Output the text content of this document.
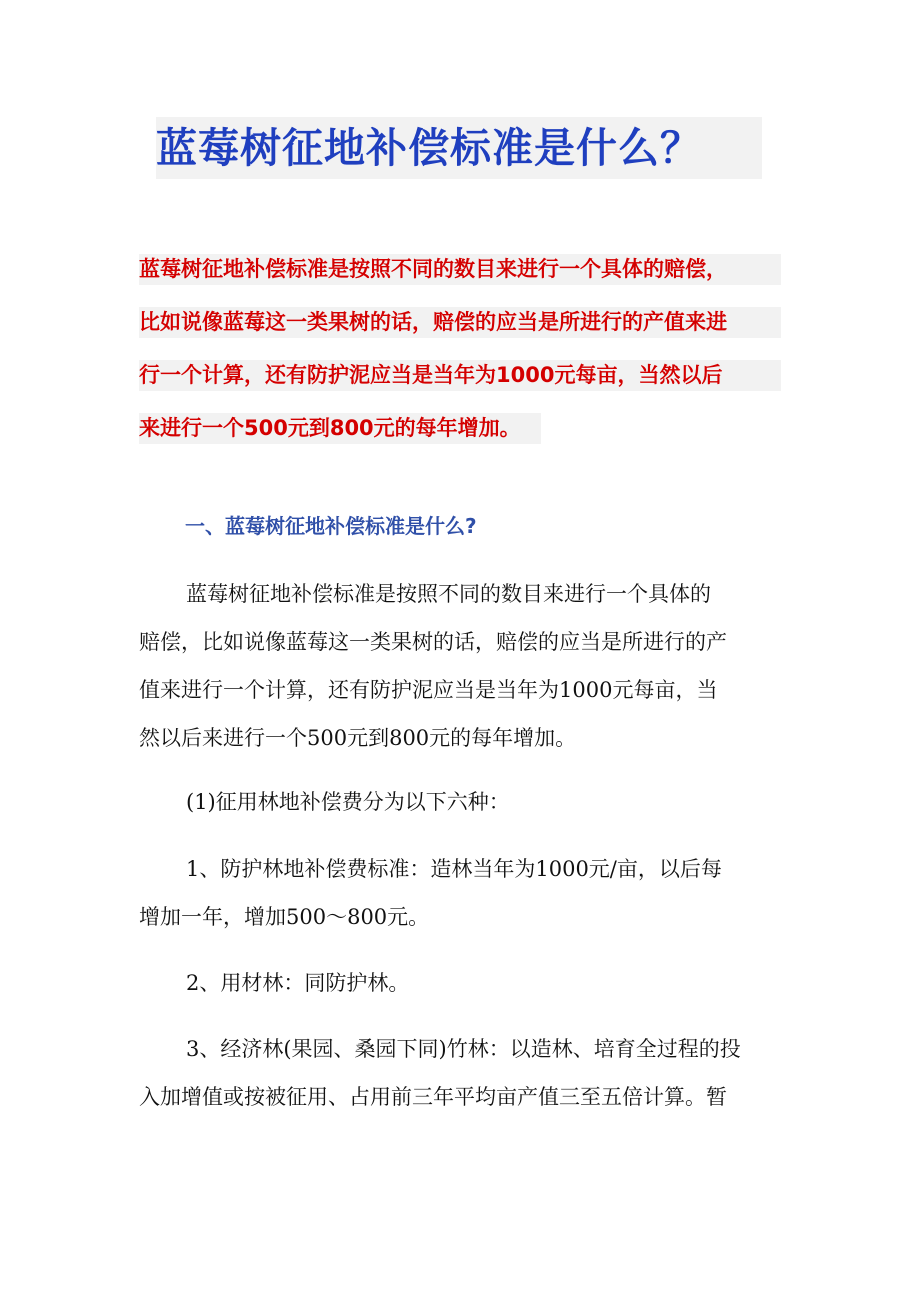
蓝莓树征地补偿标准是什么？
蓝莓树征地补偿标准是按照不同的数目来进行一个具体的赔偿，
比如说像蓝莓这一类果树的话，赔偿的应当是所进行的产值来进
行一个计算，还有防护泥应当是当年为1000元每亩，当然以后
来进行一个500元到800元的每年增加。
一、蓝莓树征地补偿标准是什么?
蓝莓树征地补偿标准是按照不同的数目来进行一个具体的
赔偿，比如说像蓝莓这一类果树的话，赔偿的应当是所进行的产
值来进行一个计算，还有防护泥应当是当年为1000元每亩，当
然以后来进行一个500元到800元的每年增加。
(1)征用林地补偿费分为以下六种：
1、防护林地补偿费标准：造林当年为1000元/亩，以后每
增加一年，增加500～800元。
2、用材林：同防护林。
3、经济林(果园、桑园下同)竹林：以造林、培育全过程的投
入加增值或按被征用、占用前三年平均亩产值三至五倍计算。暂
